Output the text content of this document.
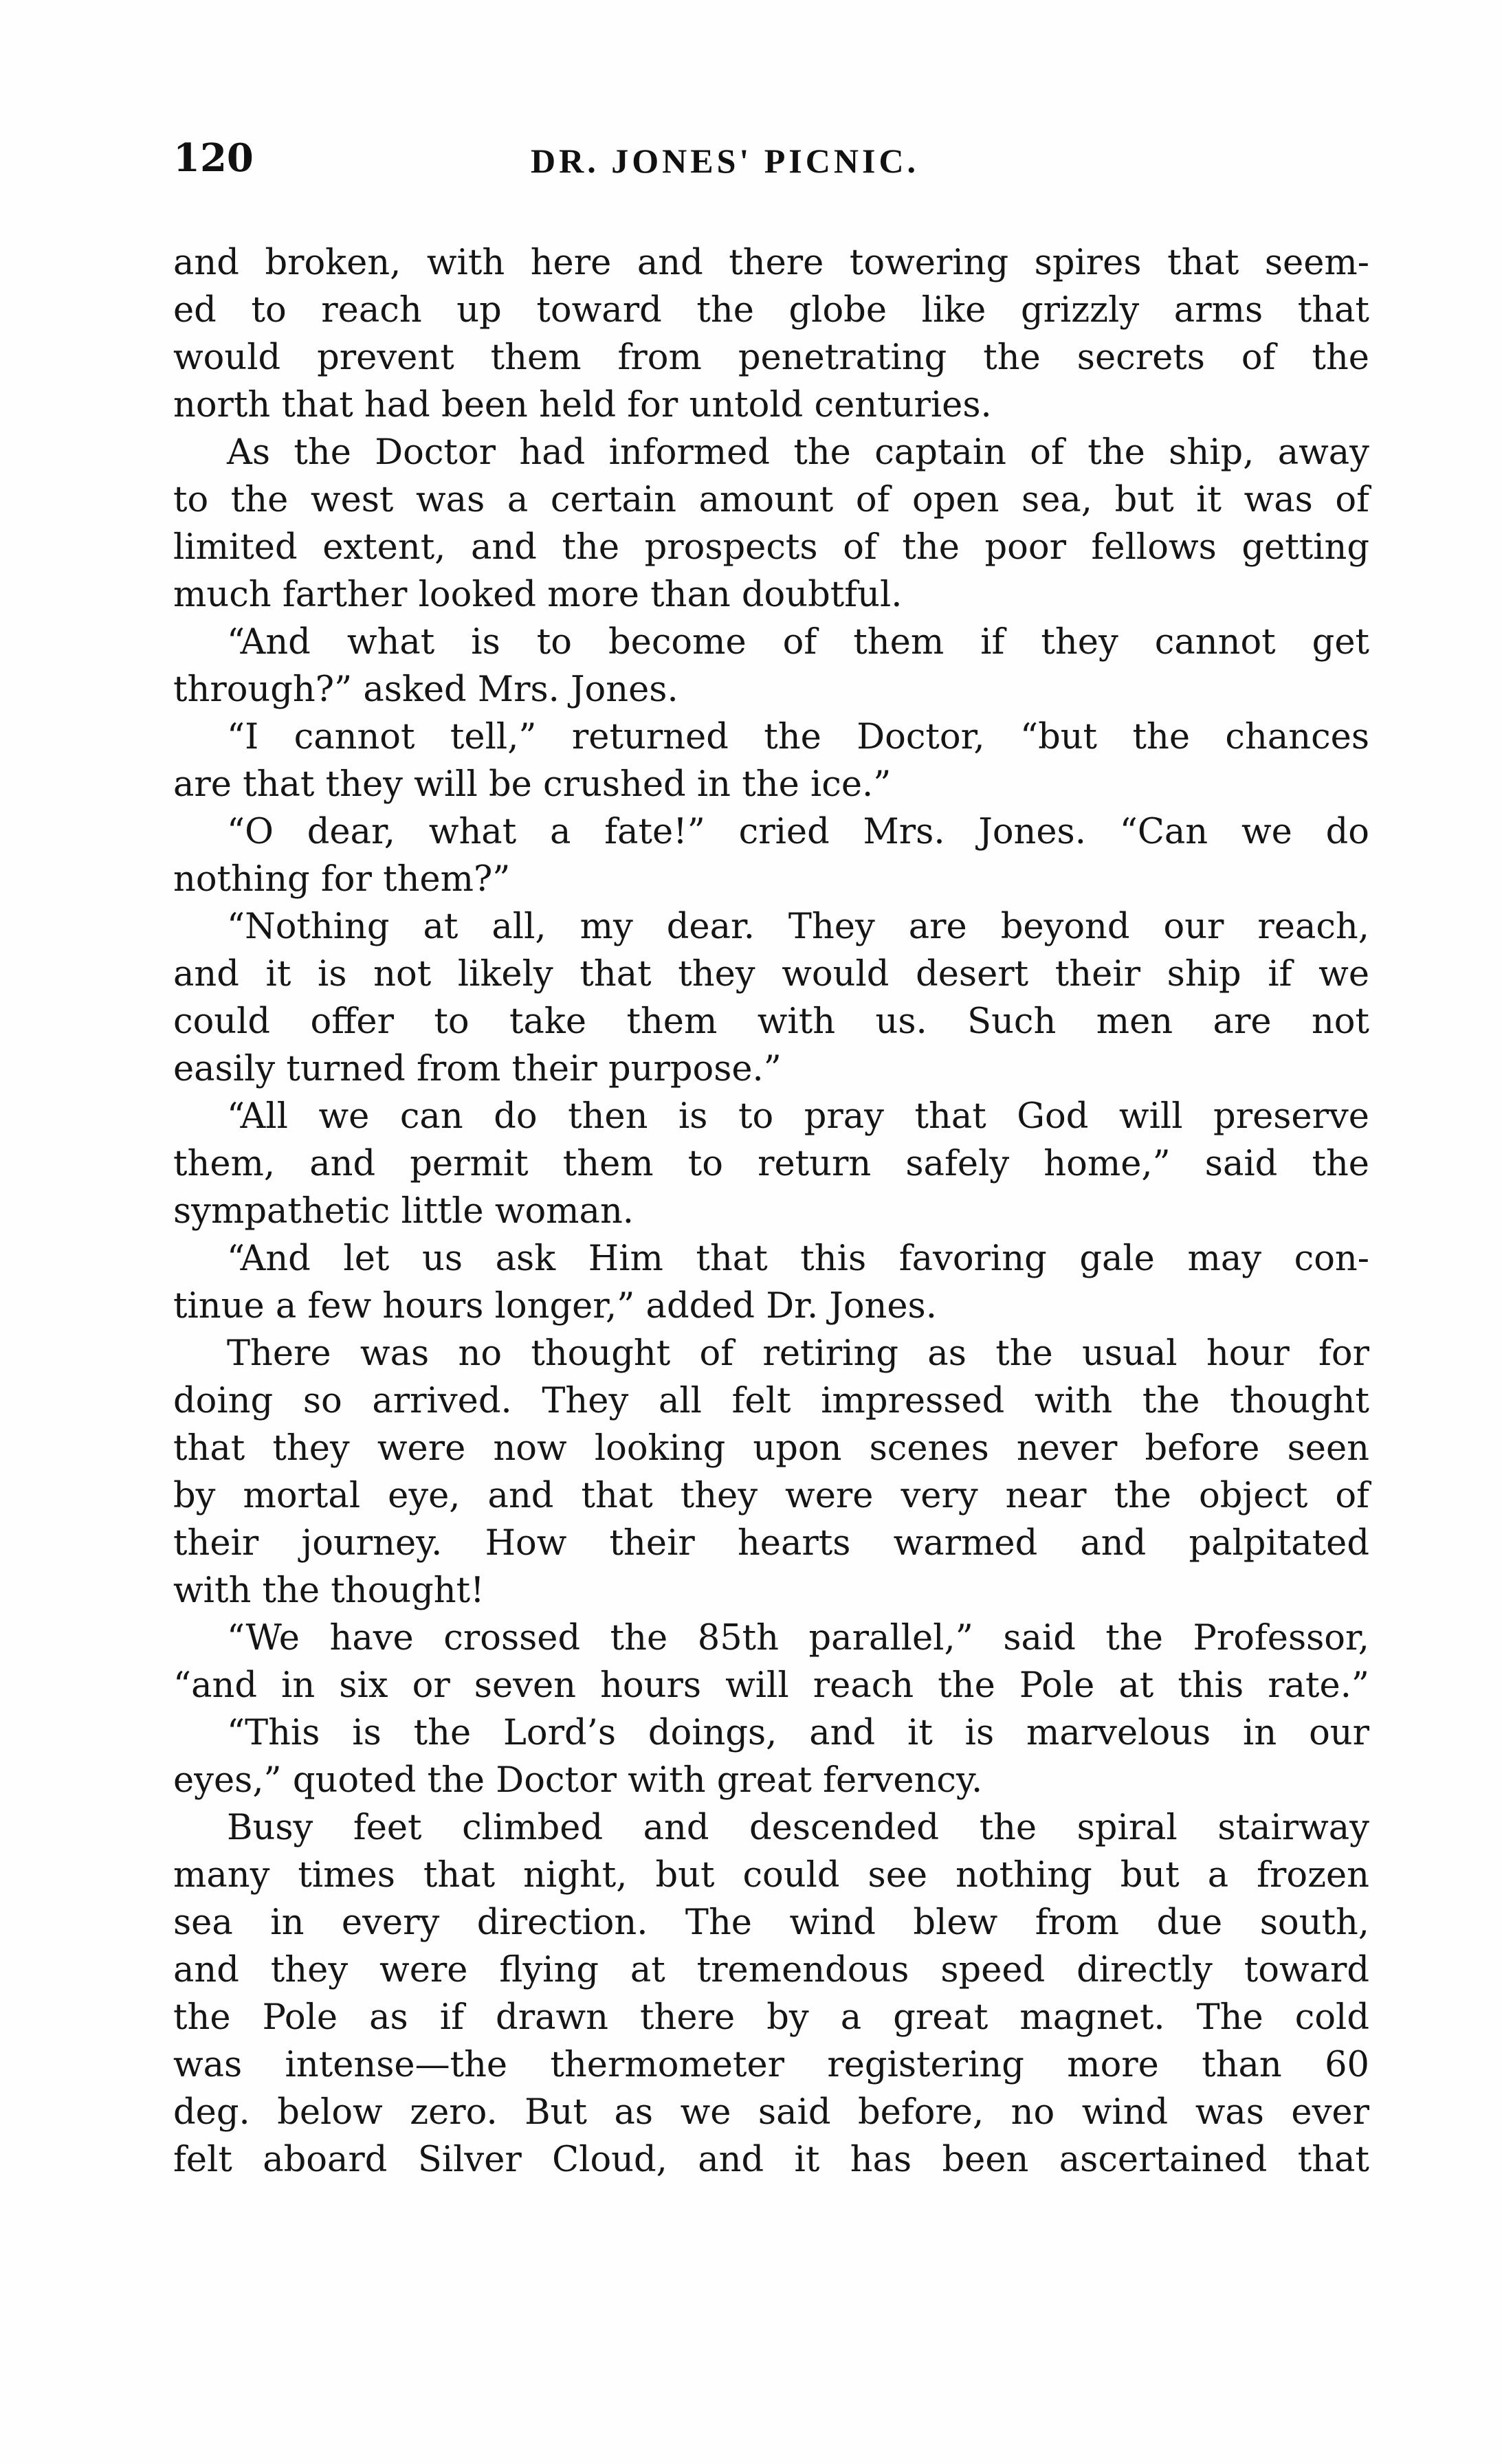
120	DR. JONES' PICNIC.
and broken, with here and there towering spires that seem-
ed to reach up toward the globe like grizzly arms that
would prevent them from penetrating the secrets of the
north that had been held for untold centuries.
As the Doctor had informed the captain of the ship, away
to the west was a certain amount of open sea, but it was of
limited extent, and the prospects of the poor fellows getting
much farther looked more than doubtful.
“And what is to become of them if they cannot get
through?” asked Mrs. Jones.
“I cannot tell,” returned the Doctor, “but the chances
are that they will be crushed in the ice.”
“O dear, what a fate!” cried Mrs. Jones. “Can we do
nothing for them?”
“Nothing at all, my dear. They are beyond our reach,
and it is not likely that they would desert their ship if we
could offer to take them with us. Such men are not
easily turned from their purpose.”
“All we can do then is to pray that God will preserve
them, and permit them to return safely home,” said the
sympathetic little woman.
“And let us ask Him that this favoring gale may con-
tinue a few hours longer,” added Dr. Jones.
There was no thought of retiring as the usual hour for
doing so arrived. They all felt impressed with the thought
that they were now looking upon scenes never before seen
by mortal eye, and that they were very near the object of
their journey. How their hearts warmed and palpitated
with the thought!
“We have crossed the 85th parallel,” said the Professor,
“and in six or seven hours will reach the Pole at this rate.”
“This is the Lord’s doings, and it is marvelous in our
eyes,” quoted the Doctor with great fervency.
Busy feet climbed and descended the spiral stairway
many times that night, but could see nothing but a frozen
sea in every direction. The wind blew from due south,
and they were flying at tremendous speed directly toward
the Pole as if drawn there by a great magnet. The cold
was intense—the thermometer registering more than 60
deg. below zero. But as we said before, no wind was ever
felt aboard Silver Cloud, and it has been ascertained that
